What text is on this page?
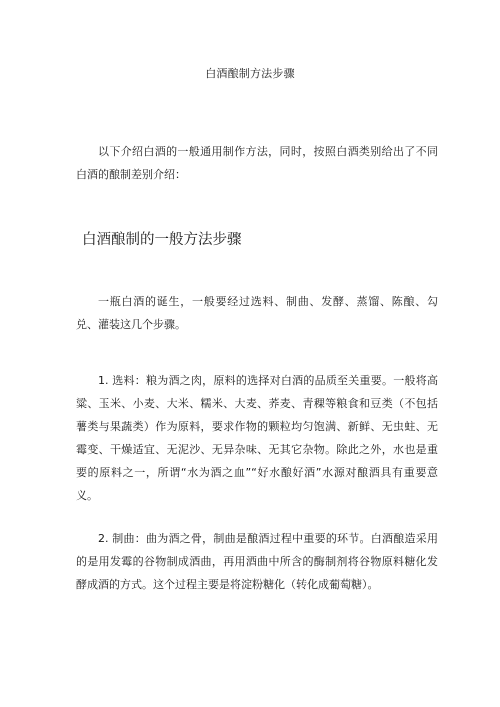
白酒酿制方法步骤

以下介绍白酒的一般通用制作方法，同时，按照白酒类别给出了不同白酒的酿制差别介绍：

白酒酿制的一般方法步骤

一瓶白酒的诞生，一般要经过选料、制曲、发酵、蒸馏、陈酿、勾兑、灌装这几个步骤。

1. 选料：粮为酒之肉，原料的选择对白酒的品质至关重要。一般将高粱、玉米、小麦、大米、糯米、大麦、荞麦、青稞等粮食和豆类（不包括薯类与果蔬类）作为原料，要求作物的颗粒均匀饱满、新鲜、无虫蛀、无霉变、干燥适宜、无泥沙、无异杂味、无其它杂物。除此之外，水也是重要的原料之一，所谓“水为酒之血”“好水酿好酒”水源对酿酒具有重要意义。

2. 制曲：曲为酒之骨，制曲是酿酒过程中重要的环节。白酒酿造采用的是用发霉的谷物制成酒曲，再用酒曲中所含的酶制剂将谷物原料糖化发酵成酒的方式。这个过程主要是将淀粉糖化（转化成葡萄糖）。
